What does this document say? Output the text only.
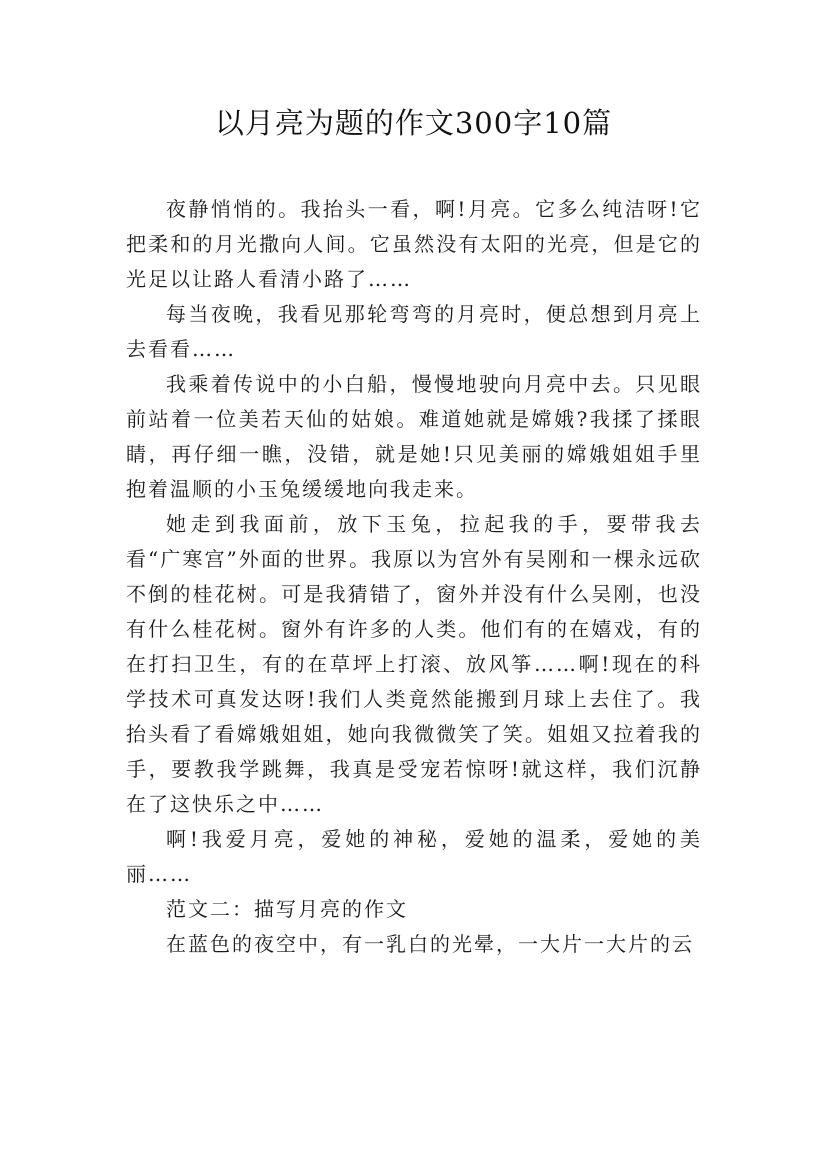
以月亮为题的作文300字10篇

夜静悄悄的。我抬头一看，啊!月亮。它多么纯洁呀!它把柔和的月光撒向人间。它虽然没有太阳的光亮，但是它的光足以让路人看清小路了……

每当夜晚，我看见那轮弯弯的月亮时，便总想到月亮上去看看……

我乘着传说中的小白船，慢慢地驶向月亮中去。只见眼前站着一位美若天仙的姑娘。难道她就是嫦娥?我揉了揉眼睛，再仔细一瞧，没错，就是她!只见美丽的嫦娥姐姐手里抱着温顺的小玉兔缓缓地向我走来。

她走到我面前，放下玉兔，拉起我的手，要带我去看“广寒宫”外面的世界。我原以为宫外有吴刚和一棵永远砍不倒的桂花树。可是我猜错了，窗外并没有什么吴刚，也没有什么桂花树。窗外有许多的人类。他们有的在嬉戏，有的在打扫卫生，有的在草坪上打滚、放风筝……啊!现在的科学技术可真发达呀!我们人类竟然能搬到月球上去住了。我抬头看了看嫦娥姐姐，她向我微微笑了笑。姐姐又拉着我的手，要教我学跳舞，我真是受宠若惊呀!就这样，我们沉静在了这快乐之中……

啊!我爱月亮，爱她的神秘，爱她的温柔，爱她的美丽……

范文二：描写月亮的作文

在蓝色的夜空中，有一乳白的光晕，一大片一大片的云
